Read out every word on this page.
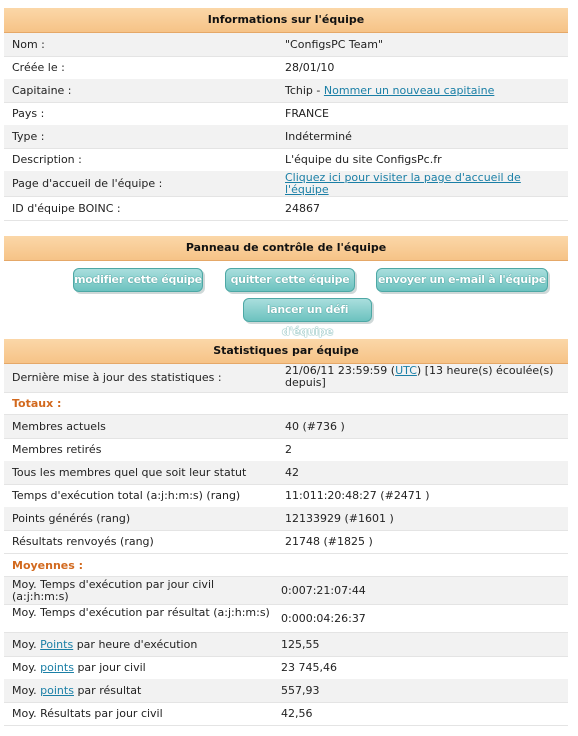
Informations sur l'équipe
Nom :	"ConfigsPC Team"
Créée le :	28/01/10
Capitaine :	Tchip - Nommer un nouveau capitaine
Pays :	FRANCE
Type :	Indéterminé
Description :	L'équipe du site ConfigsPc.fr
Page d'accueil de l'équipe :	Cliquez ici pour visiter la page d'accueil de l'équipe
ID d'équipe BOINC :	24867
Panneau de contrôle de l'équipe
modifier cette équipe	quitter cette équipe	envoyer un e-mail à l'équipe
lancer un défi d'équipe
Statistiques par équipe
Dernière mise à jour des statistiques :
21/06/11 23:59:59 (UTC) [13 heure(s) écoulée(s) depuis]
Totaux :
Membres actuels	40 (#736 )
Membres retirés	2
Tous les membres quel que soit leur statut	42
Temps d'exécution total (a:j:h:m:s) (rang)	11:011:20:48:27 (#2471 )
Points générés (rang)	12133929 (#1601 )
Résultats renvoyés (rang)	21748 (#1825 )
Moyennes :
Moy. Temps d'exécution par jour civil (a:j:h:m:s)	0:007:21:07:44
Moy. Temps d'exécution par résultat (a:j:h:m:s) 0:000:04:26:37
Moy. Points par heure d'exécution	125,55
Moy. points par jour civil	23 745,46
Moy. points par résultat	557,93
Moy. Résultats par jour civil	42,56
